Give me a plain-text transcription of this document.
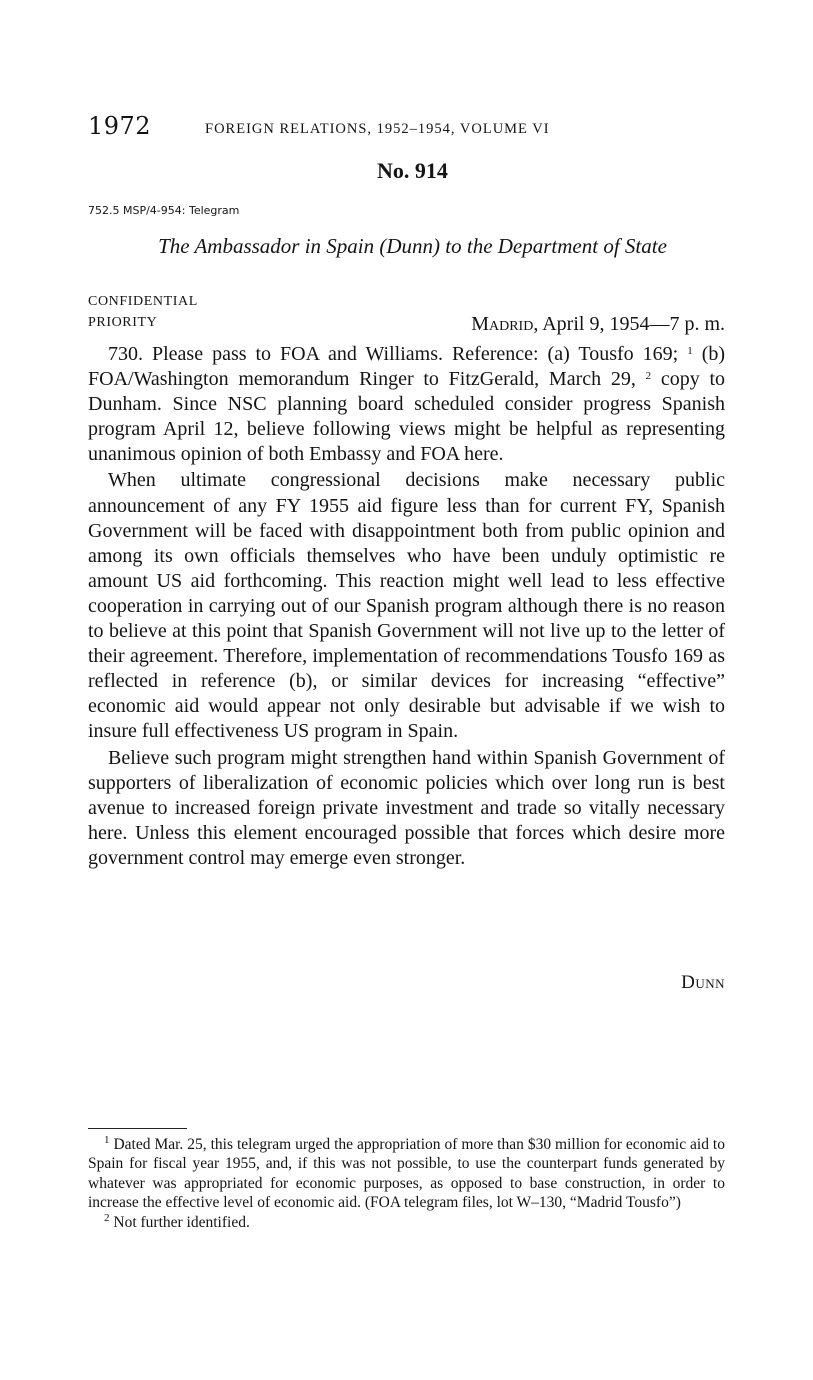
1972	FOREIGN RELATIONS, 1952–1954, VOLUME VI
No. 914
752.5 MSP/4-954: Telegram
The Ambassador in Spain (Dunn) to the Department of State
CONFIDENTIAL
PRIORITY	Madrid, April 9, 1954—7 p. m.

730. Please pass to FOA and Williams. Reference: (a) Tousfo 169; $^1$ (b) FOA/Washington memorandum Ringer to FitzGerald, March 29, $^2$ copy to Dunham. Since NSC planning board scheduled consider progress Spanish program April 12, believe following views might be helpful as representing unanimous opinion of both Embassy and FOA here.

When ultimate congressional decisions make necessary public announcement of any FY 1955 aid figure less than for current FY, Spanish Government will be faced with disappointment both from public opinion and among its own officials themselves who have been unduly optimistic re amount US aid forthcoming. This reaction might well lead to less effective cooperation in carrying out of our Spanish program although there is no reason to believe at this point that Spanish Government will not live up to the letter of their agreement. Therefore, implementation of recommendations Tousfo 169 as reflected in reference (b), or similar devices for increasing “effective” economic aid would appear not only desirable but advisable if we wish to insure full effectiveness US program in Spain.

Believe such program might strengthen hand within Spanish Government of supporters of liberalization of economic policies which over long run is best avenue to increased foreign private investment and trade so vitally necessary here. Unless this element encouraged possible that forces which desire more government control may emerge even stronger.

Dunn

$^1$ Dated Mar. 25, this telegram urged the appropriation of more than $30 million for economic aid to Spain for fiscal year 1955, and, if this was not possible, to use the counterpart funds generated by whatever was appropriated for economic purposes, as opposed to base construction, in order to increase the effective level of economic aid. (FOA telegram files, lot W–130, “Madrid Tousfo”)

$^2$ Not further identified.
